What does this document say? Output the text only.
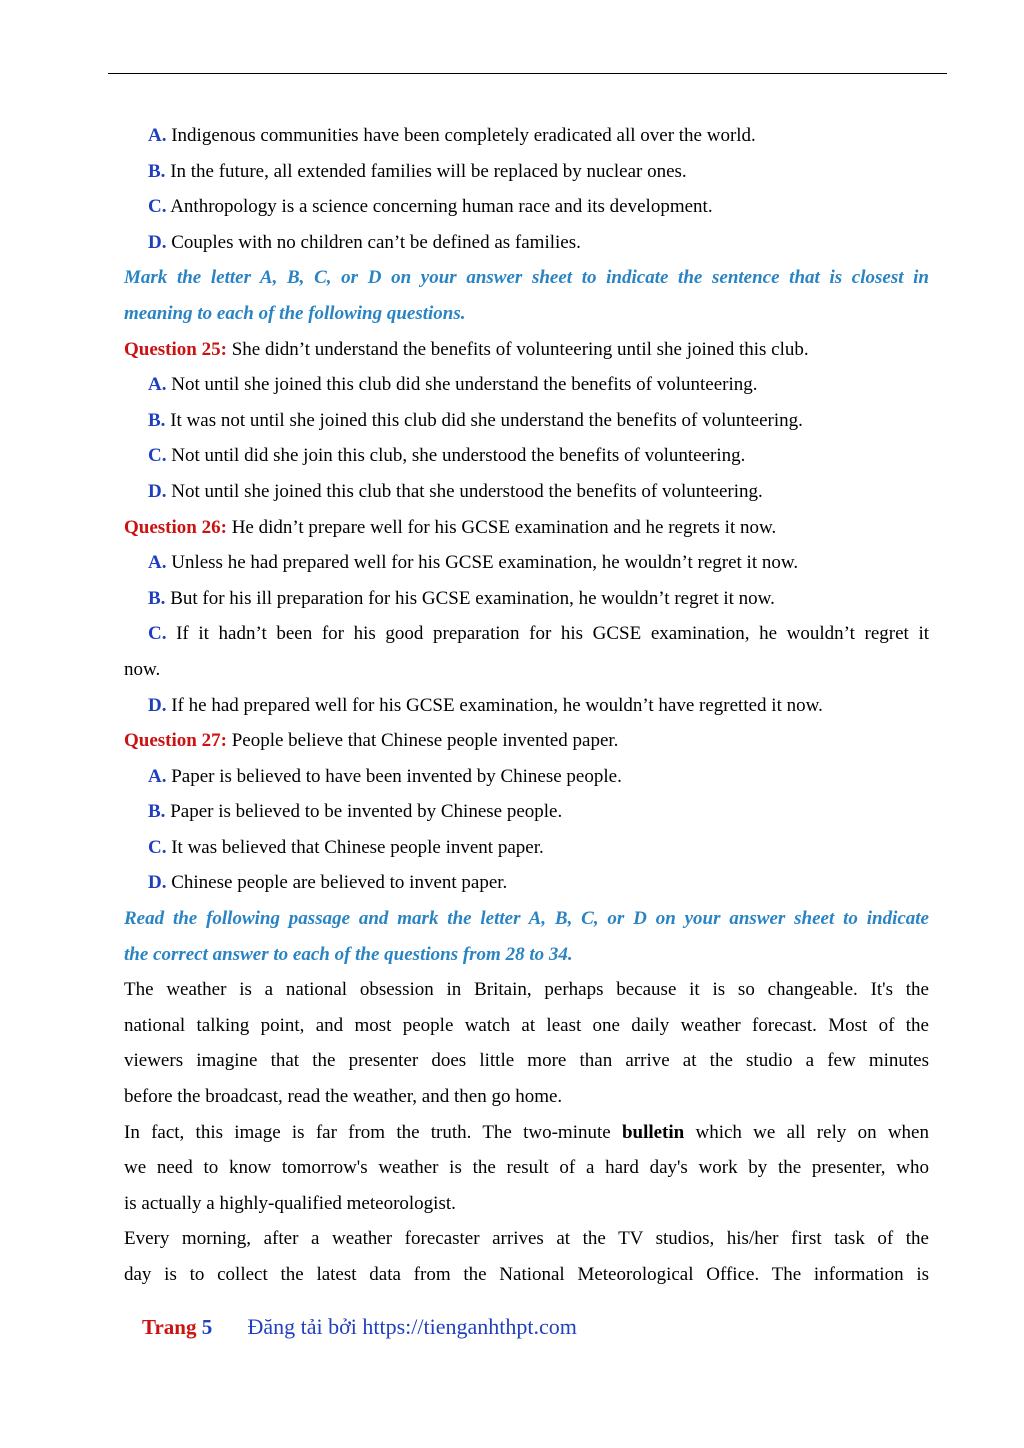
A. Indigenous communities have been completely eradicated all over the world.
B. In the future, all extended families will be replaced by nuclear ones.
C. Anthropology is a science concerning human race and its development.
D. Couples with no children can’t be defined as families.
Mark the letter A, B, C, or D on your answer sheet to indicate the sentence that is closest in
meaning to each of the following questions.
Question 25: She didn’t understand the benefits of volunteering until she joined this club.
A. Not until she joined this club did she understand the benefits of volunteering.
B. It was not until she joined this club did she understand the benefits of volunteering.
C. Not until did she join this club, she understood the benefits of volunteering.
D. Not until she joined this club that she understood the benefits of volunteering.
Question 26: He didn’t prepare well for his GCSE examination and he regrets it now.
A. Unless he had prepared well for his GCSE examination, he wouldn’t regret it now.
B. But for his ill preparation for his GCSE examination, he wouldn’t regret it now.
C. If it hadn’t been for his good preparation for his GCSE examination, he wouldn’t regret it
now.
D. If he had prepared well for his GCSE examination, he wouldn’t have regretted it now.
Question 27: People believe that Chinese people invented paper.
A. Paper is believed to have been invented by Chinese people.
B. Paper is believed to be invented by Chinese people.
C. It was believed that Chinese people invent paper.
D. Chinese people are believed to invent paper.
Read the following passage and mark the letter A, B, C, or D on your answer sheet to indicate
the correct answer to each of the questions from 28 to 34.
The weather is a national obsession in Britain, perhaps because it is so changeable. It's the
national talking point, and most people watch at least one daily weather forecast. Most of the
viewers imagine that the presenter does little more than arrive at the studio a few minutes
before the broadcast, read the weather, and then go home.
In fact, this image is far from the truth. The two-minute bulletin which we all rely on when
we need to know tomorrow's weather is the result of a hard day's work by the presenter, who
is actually a highly-qualified meteorologist.
Every morning, after a weather forecaster arrives at the TV studios, his/her first task of the
day is to collect the latest data from the National Meteorological Office. The information is
Trang 5 Đăng tải bởi https://tienganhthpt.com
